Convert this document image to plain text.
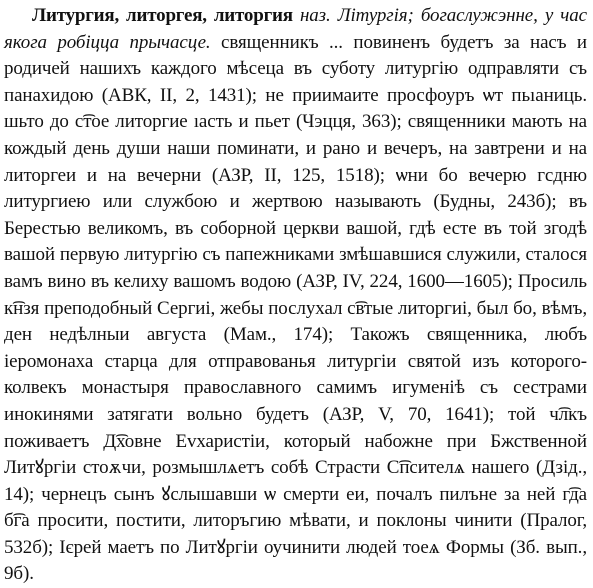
Литургия, литоргея, литоргия наз. Літургія; богаслужэнне, у час якога робіцца прычасце. священникъ ... повиненъ будетъ за насъ и родичей нашихъ каждого мѣсеца въ суботу литургію одправляти съ панахидою (АВК, II, 2, 1431); не приимаите просфоуръ ѡт пьıаниць. шьто до с͡тое литоргие ıасть и пьет (Чэцця, 363); священники мають на кождый день души наши поминати, и рано и вечеръ, на завтрени и на литоргеи и на вечерни (АЗР, II, 125, 1518); ѡни бо вечерю гсдню литургиею или службою и жертвою называють (Будны, 243б); въ Берестью великомъ, въ соборной церкви вашой, гдѣ есте въ той згодѣ вашой первую литургію съ папежниками змѣшавшися служили, сталося вамъ вино въ келиху вашомъ водою (АЗР, IV, 224, 1600—1605); Просиль к͡нзя преподобный Сергиі, жебы послухал с͡втые литоргиі, был бо, вѣмъ, ден недѣлныи августа (Мам., 174); Такожъ священника, любъ іеромонаха старца для отправованья литургіи святой изъ которого-колвекъ монастыря православного самимъ игуменіѣ съ сестрами инокинями затягати вольно будетъ (АЗР, V, 70, 1641); той ч͡лкъ поживаетъ Д͡ховне Еvхаристіи, который набожне при Бжственной Литꙋргіи стоѫчи, розмышлѧетъ собѣ Страсти С͡псителѧ нашего (Дзід., 14); чернецъ сынъ ꙋслышавши ѡ смерти еи, почалъ пилъне за ней г͡да б͡га просити, постити, литоръгию мѣвати, и поклоны чинити (Пралог, 532б); Ієрей маетъ по Литꙋргіи оучинити людей тоеѧ Формы (Зб. вып., 9б).
